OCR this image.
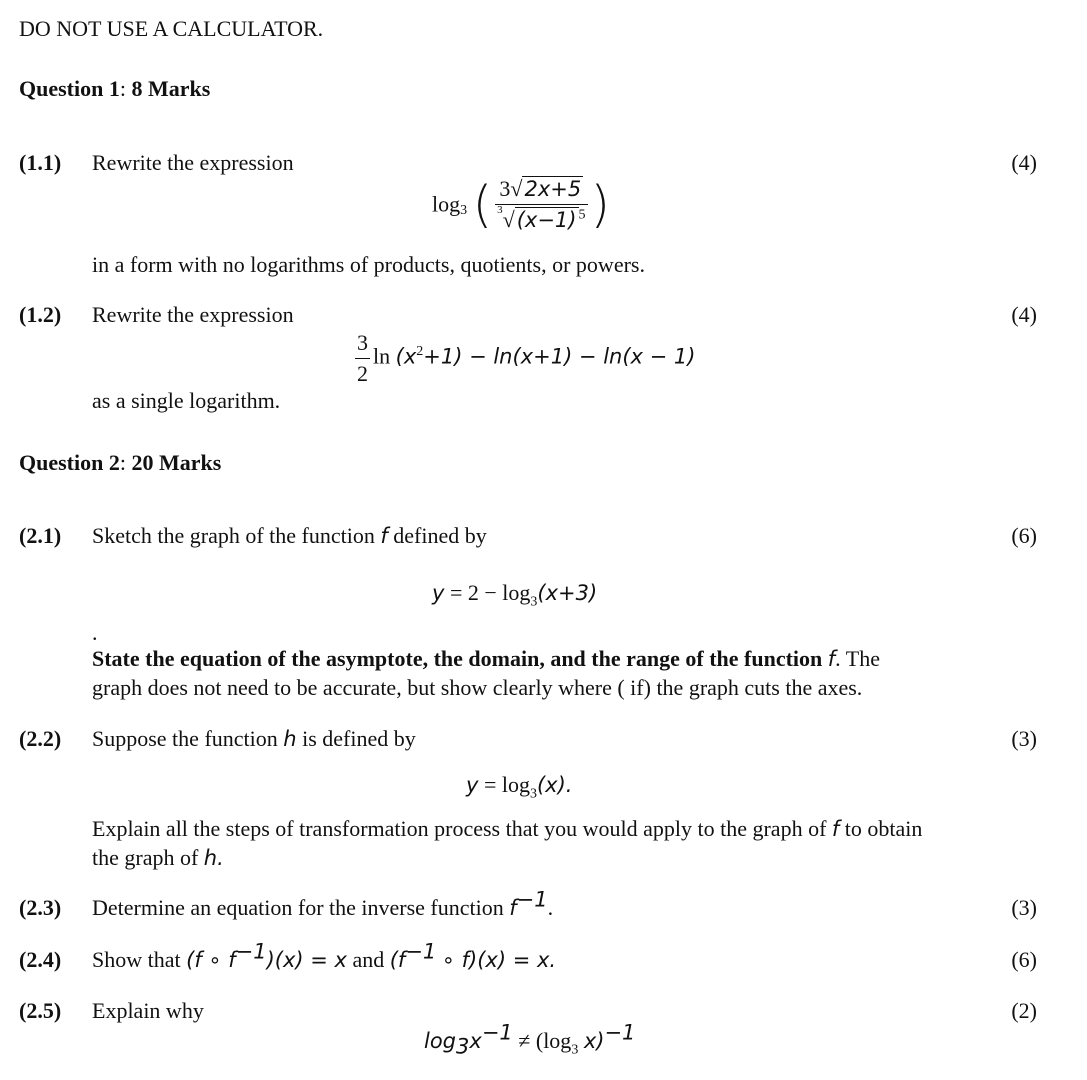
DO NOT USE A CALCULATOR.
Question 1: 8 Marks
(1.1) Rewrite the expression	(4)
$\log_3$ ( $\frac{3√2x+5}{^3√(x-1) ^5}$ )
in a form with no logarithms of products, quotients, or powers.
(1.2) Rewrite the expression	(4)
$\frac{3}{2}$ $\ln (x^2+1) - \ln(x+1) - \ln(x - 1)$
as a single logarithm.
Question 2: 20 Marks
(2.1) Sketch the graph of the function f defined by	(6)
$y = 2 - \log_3(x+3)$
.
State the equation of the asymptote, the domain, and the range of the function f. The
graph does not need to be accurate, but show clearly where ( if) the graph cuts the axes.
(2.2) Suppose the function h is defined by	(3)
$y = \log_3(x)$.
Explain all the steps of transformation process that you would apply to the graph of f to obtain
the graph of h.
(2.3) Determine an equation for the inverse function $f^{-1}$.	(3)
(2.4) Show that (f ∘ $f^{-1})(x) = x$ and ($f^{-1}$ ∘ f)(x) = x.	(6)
(2.5) Explain why	(2)
$\log_3x^{-1} \ne (\log_3$ x)$^{-1}$
